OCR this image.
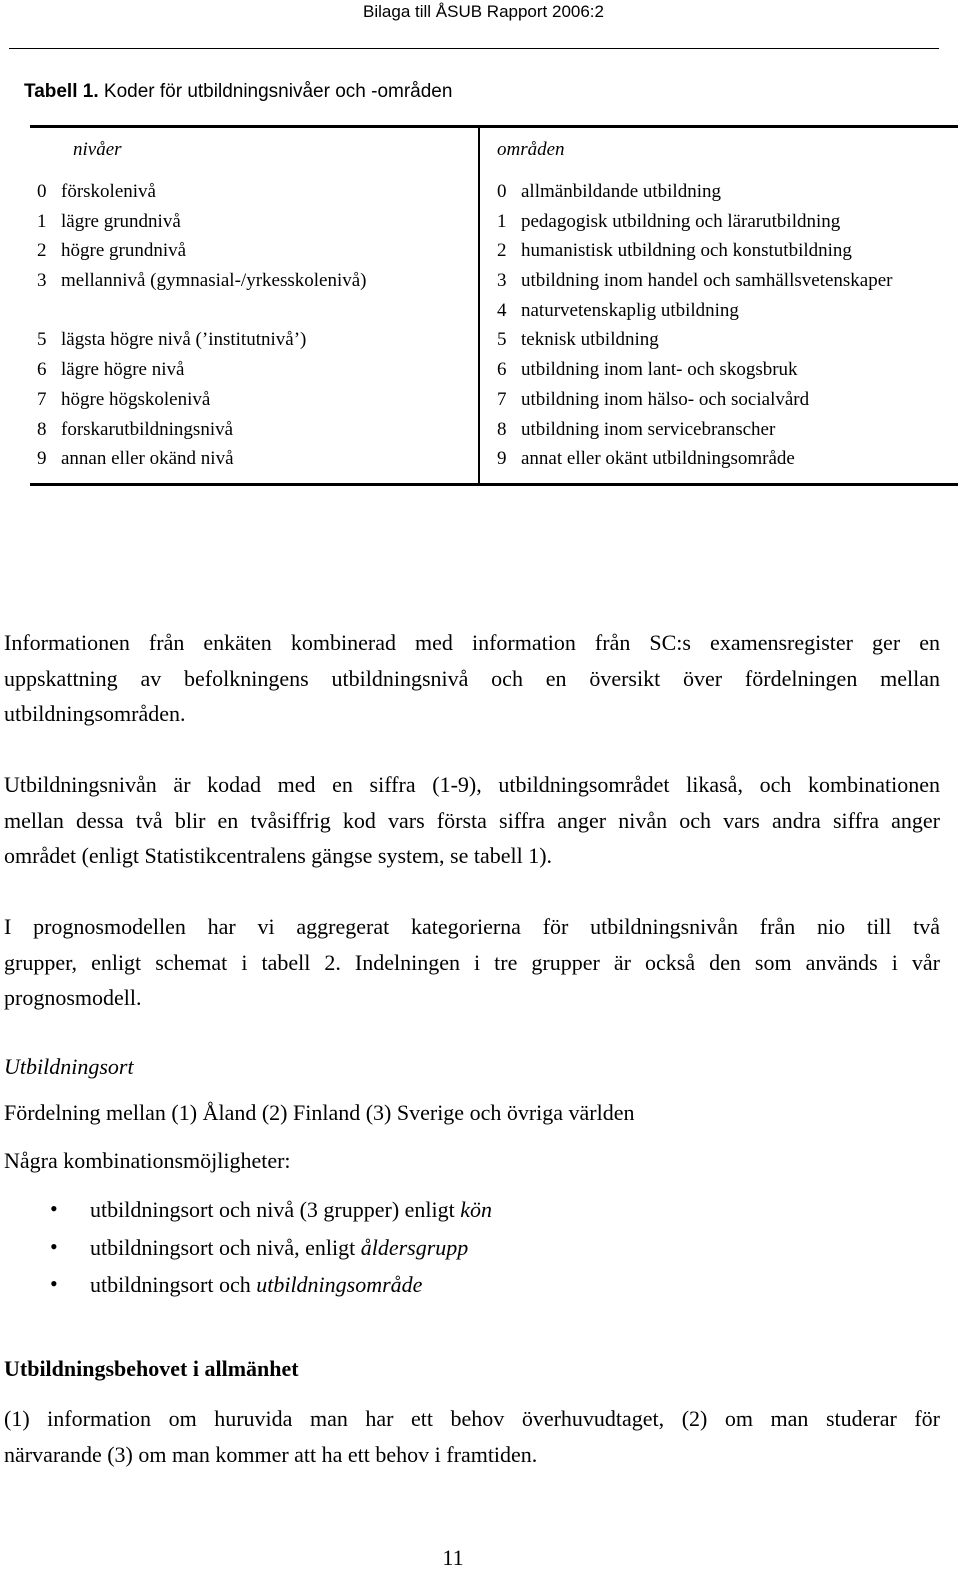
Bilaga till ÅSUB Rapport 2006:2
Tabell 1. Koder för utbildningsnivåer och -områden
nivåer	områden
0 förskolenivå
1 lägre grundnivå
2 högre grundnivå
3 mellannivå (gymnasial-/yrkesskolenivå)
5 lägsta högre nivå (’institutnivå’)
6 lägre högre nivå
7 högre högskolenivå
8 forskarutbildningsnivå
9 annan eller okänd nivå
0 allmänbildande utbildning
1 pedagogisk utbildning och lärarutbildning
2 humanistisk utbildning och konstutbildning
3 utbildning inom handel och samhällsvetenskaper
4 naturvetenskaplig utbildning
5 teknisk utbildning
6 utbildning inom lant- och skogsbruk
7 utbildning inom hälso- och socialvård
8 utbildning inom servicebranscher
9 annat eller okänt utbildningsområde
Informationen från enkäten kombinerad med information från SC:s examensregister ger en
uppskattning av befolkningens utbildningsnivå och en översikt över fördelningen mellan
utbildningsområden.
Utbildningsnivån är kodad med en siffra (1-9), utbildningsområdet likaså, och kombinationen
mellan dessa två blir en tvåsiffrig kod vars första siffra anger nivån och vars andra siffra anger
området (enligt Statistikcentralens gängse system, se tabell 1).
I prognosmodellen har vi aggregerat kategorierna för utbildningsnivån från nio till två
grupper, enligt schemat i tabell 2. Indelningen i tre grupper är också den som används i vår
prognosmodell.
Utbildningsort
Fördelning mellan (1) Åland (2) Finland (3) Sverige och övriga världen
Några kombinationsmöjligheter:
• utbildningsort och nivå (3 grupper) enligt kön
• utbildningsort och nivå, enligt åldersgrupp
• utbildningsort och utbildningsområde
Utbildningsbehovet i allmänhet
(1) information om huruvida man har ett behov överhuvudtaget, (2) om man studerar för
närvarande (3) om man kommer att ha ett behov i framtiden.
11
